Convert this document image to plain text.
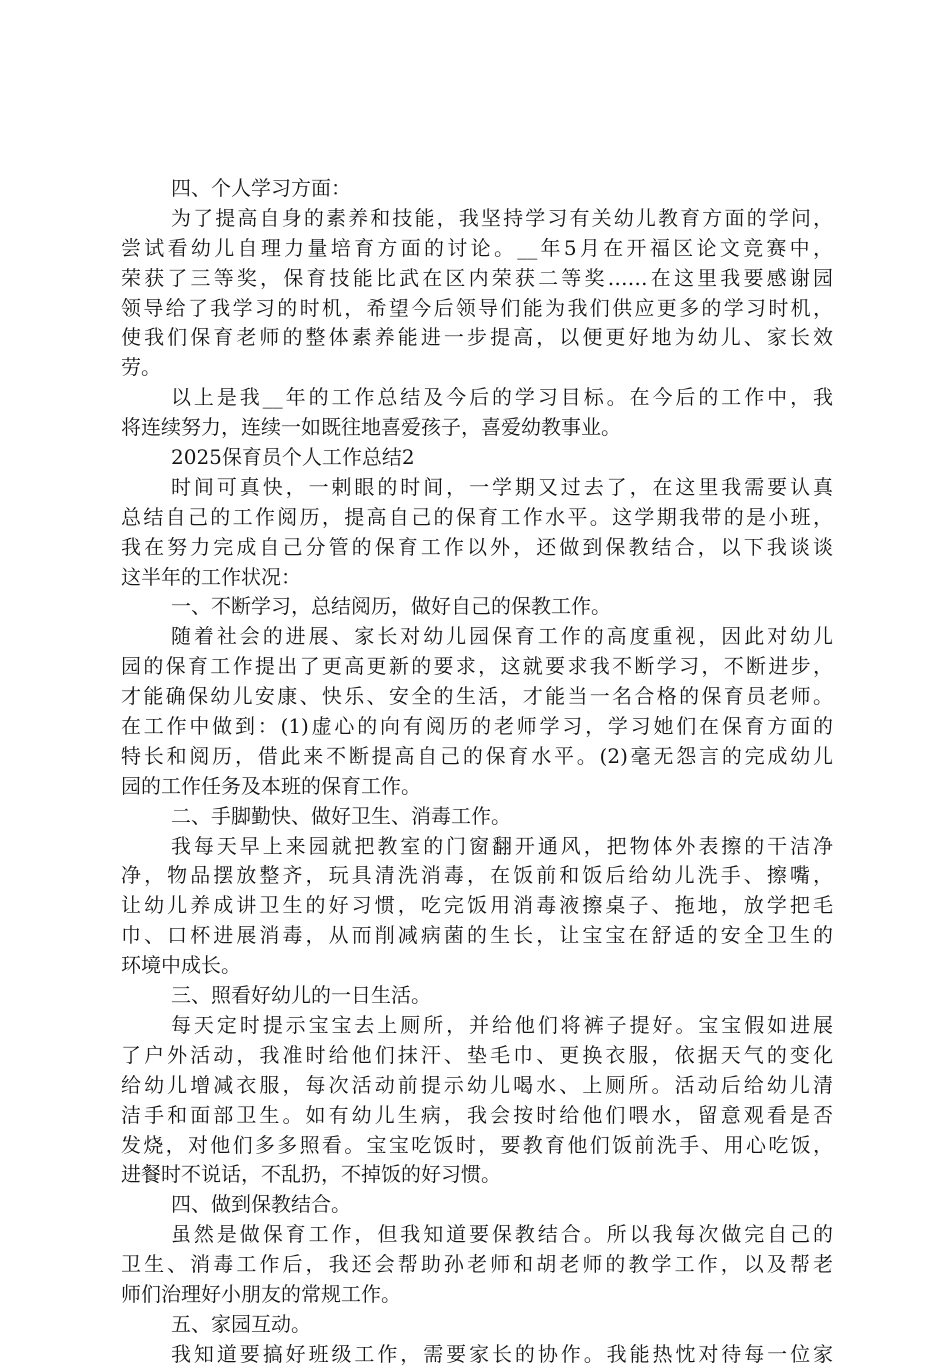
四、个人学习方面：
为了提高自身的素养和技能，我坚持学习有关幼儿教育方面的学问，
尝试看幼儿自理力量培育方面的讨论。__年5月在开福区论文竞赛中，
荣获了三等奖，保育技能比武在区内荣获二等奖……在这里我要感谢园
领导给了我学习的时机，希望今后领导们能为我们供应更多的学习时机，
使我们保育老师的整体素养能进一步提高，以便更好地为幼儿、家长效
劳。
以上是我__年的工作总结及今后的学习目标。在今后的工作中，我
将连续努力，连续一如既往地喜爱孩子，喜爱幼教事业。
2025保育员个人工作总结2
时间可真快，一剌眼的时间，一学期又过去了，在这里我需要认真
总结自己的工作阅历，提高自己的保育工作水平。这学期我带的是小班，
我在努力完成自己分管的保育工作以外，还做到保教结合，以下我谈谈
这半年的工作状况：
一、不断学习，总结阅历，做好自己的保教工作。
随着社会的进展、家长对幼儿园保育工作的高度重视，因此对幼儿
园的保育工作提出了更高更新的要求，这就要求我不断学习，不断进步，
才能确保幼儿安康、快乐、安全的生活，才能当一名合格的保育员老师。
在工作中做到：(1)虚心的向有阅历的老师学习，学习她们在保育方面的
特长和阅历，借此来不断提高自己的保育水平。(2)毫无怨言的完成幼儿
园的工作任务及本班的保育工作。
二、手脚勤快、做好卫生、消毒工作。
我每天早上来园就把教室的门窗翻开通风，把物体外表擦的干洁净
净，物品摆放整齐，玩具清洗消毒，在饭前和饭后给幼儿洗手、擦嘴，
让幼儿养成讲卫生的好习惯，吃完饭用消毒液擦桌子、拖地，放学把毛
巾、口杯进展消毒，从而削减病菌的生长，让宝宝在舒适的安全卫生的
环境中成长。
三、照看好幼儿的一日生活。
每天定时提示宝宝去上厕所，并给他们将裤子提好。宝宝假如进展
了户外活动，我准时给他们抹汗、垫毛巾、更换衣服，依据天气的变化
给幼儿增减衣服，每次活动前提示幼儿喝水、上厕所。活动后给幼儿清
洁手和面部卫生。如有幼儿生病，我会按时给他们喂水，留意观看是否
发烧，对他们多多照看。宝宝吃饭时，要教育他们饭前洗手、用心吃饭，
进餐时不说话，不乱扔，不掉饭的好习惯。
四、做到保教结合。
虽然是做保育工作，但我知道要保教结合。所以我每次做完自己的
卫生、消毒工作后，我还会帮助孙老师和胡老师的教学工作，以及帮老
师们治理好小朋友的常规工作。
五、家园互动。
我知道要搞好班级工作，需要家长的协作。我能热忱对待每一位家
